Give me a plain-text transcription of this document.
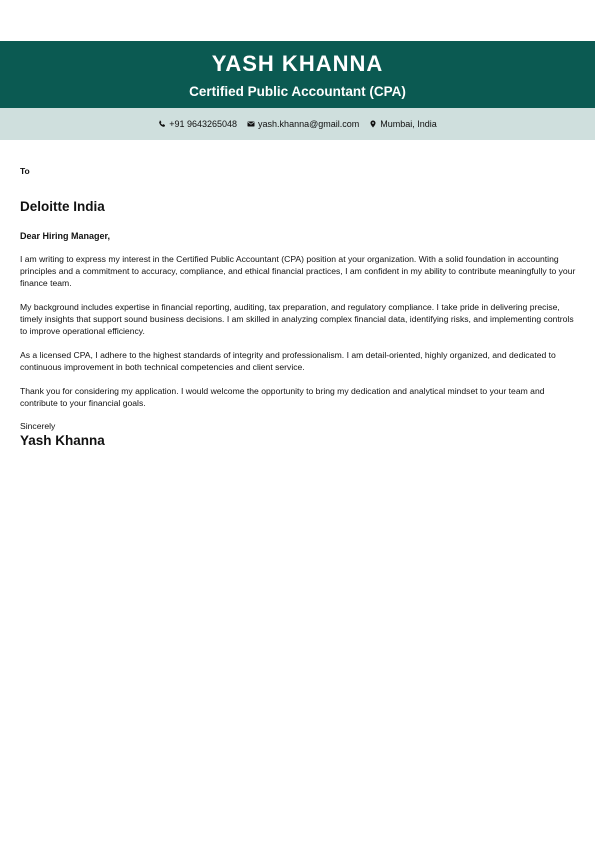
YASH KHANNA
Certified Public Accountant (CPA)
+91 9643265048 yash.khanna@gmail.com Mumbai, India
To
Deloitte India
Dear Hiring Manager,

I am writing to express my interest in the Certified Public Accountant (CPA) position at your organization. With a solid foundation in accounting principles and a commitment to accuracy, compliance, and ethical financial practices, I am confident in my ability to contribute meaningfully to your finance team.

My background includes expertise in financial reporting, auditing, tax preparation, and regulatory compliance. I take pride in delivering precise, timely insights that support sound business decisions. I am skilled in analyzing complex financial data, identifying risks, and implementing controls to improve operational efficiency.

As a licensed CPA, I adhere to the highest standards of integrity and professionalism. I am detail-oriented, highly organized, and dedicated to continuous improvement in both technical competencies and client service.

Thank you for considering my application. I would welcome the opportunity to bring my dedication and analytical mindset to your team and contribute to your financial goals.

Sincerely
Yash Khanna
